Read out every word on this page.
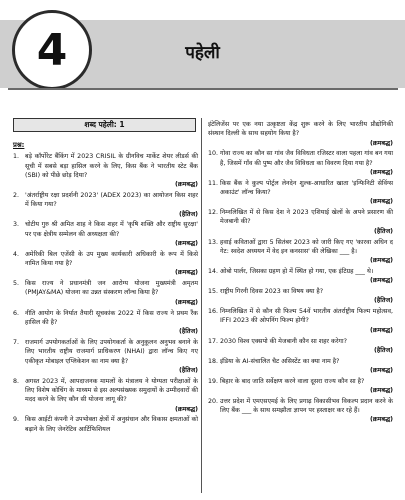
4	पहेली
शब्द पहेली: 1
प्रश्न:
1. बड़े कॉर्पोरेट बैंकिंग में 2023 CRISIL के ग्रीनविच मार्केट शेयर लीडर्स की सूची में सबसे बड़ा हासिल करने के लिए, किस बैंक ने भारतीय स्टेट बैंक (SBI) को पीछे छोड़ दिया?
(क्रमबद्ध)
2. 'अंतर्राष्ट्रीय रक्षा प्रदर्शनी 2023' (ADEX 2023) का आयोजन किस शहर में किया गया?
(हैतिज)
3. चोटीय गुरु श्री अमित शाह ने किस शहर में 'कृषि शक्ति और राष्ट्रीय सुरक्षा' पर एक क्षेत्रीय सम्मेलन की अध्यक्षता की?
(क्रमबद्ध)
4. अमेरिकी बिल एजेंसी के उप मुख्य कार्यकारी अधिकारी के रूप में किसे नामित किया गया है?
(क्रमबद्ध)
5. किस राज्य ने प्रधानमंत्री जन आरोग्य योजना मुख्यमंत्री अमृतम (PMJAY&MA) योजना का उन्नत संस्करण लॉन्च किया है?
(क्रमबद्ध)
6. नीति आयोग के निर्यात तैयारी सूचकांक 2022 में किस राज्य ने प्रथम रैंक हासिल की है?
(हैतिज)
7. राजमार्ग उपयोगकर्ताओं के लिए उपयोगकर्ता के अनुकूलन अनुभव बनाने के लिए भारतीय राष्ट्रीय राजमार्ग प्राधिकरण (NHAI) द्वारा लॉन्च किए गए एकीकृत मोबाइल एप्लिकेशन का नाम क्या है?
(हैतिज)
8. अगस्त 2023 में, आपदाजनक मामलों के मंत्रालय ने योग्यता परीक्षाओं के लिए विशेष कोचिंग के माध्यम से इस अल्पसंख्यक समुदायों के उम्मीदवारों की मदद करने के लिए कौन सी योजना लागू की?
(क्रमबद्ध)
9. किस आईटी कंपनी ने उपभोक्ता क्षेत्रों में अनुसंधान और विकास क्षमताओं को बढ़ाने के लिए जेनरेटिव आर्टिफिशियल
इंटेलिजेंस पर एक नया उत्कृष्टता केंद्र शुरू करने के लिए भारतीय प्रौद्योगिकी संस्थान दिल्ली के साथ सहयोग किया है?
(क्रमबद्ध)
10. गोवा राज्य का कौन सा गांव जैव विविधता रजिस्टर वाला पहला गांव बन गया है, जिसमें गाँव की पुष्प और जैव विविधता का विवरण दिया गया है?
(क्रमबद्ध)
11. किस बैंक ने कुल्प पोर्ट्रल लेनदेन शुल्क-आधारित खाता 'इन्फिनिटी सेविंग्स अकाउंट' लॉन्च किया?
(क्रमबद्ध)
12. निम्नलिखित में से किस देश ने 2023 एशियाई खेलों के अपने प्रसारण की मेजबानी की?
(हैतिज)
13. हवाई कविताओं द्वारा 5 सितंबर 2023 को जारी किए गए 'कारवा अधिन द गेट: स्वदेश अध्ययन में वेद इन कनसास' की लेखिका ___ है।
(क्रमबद्ध)
14. ओबो पार्लर, जिसका ग्रहण हो में स्थित हो गया, एक इंटिग्रह ___ थे।
(क्रमबद्ध)
15. राष्ट्रीय गिरनी दिवस 2023 का विषय क्या है?
(हैतिज)
16. निम्नलिखित में से कौन सी फिल्म 54वें भारतीय अंतर्राष्ट्रीय फिल्म महोत्सव, IFFI 2023 की ओपनिंग फिल्म होगी?
(क्रमबद्ध)
17. 2030 विश्व एक्सपो की मेजबानी कौन सा शहर करेगा?
(हैतिज)
18. इंडिया के AI-संचालित चैट असिस्टेंट का क्या नाम है?
(क्रमबद्ध)
19. बिहार के बाद जाति सर्वेक्षण करने वाला दूसरा राज्य कौन सा है?
(क्रमबद्ध)
20. उत्तर प्रदेश में एमएसएमई के लिए प्रगाढ़ विकासीभव विकल्प प्रदान करने के लिए बैंक ___ के साथ समझौता ज्ञापन पर हस्ताक्षर कर रहे हैं।
(क्रमबद्ध)
